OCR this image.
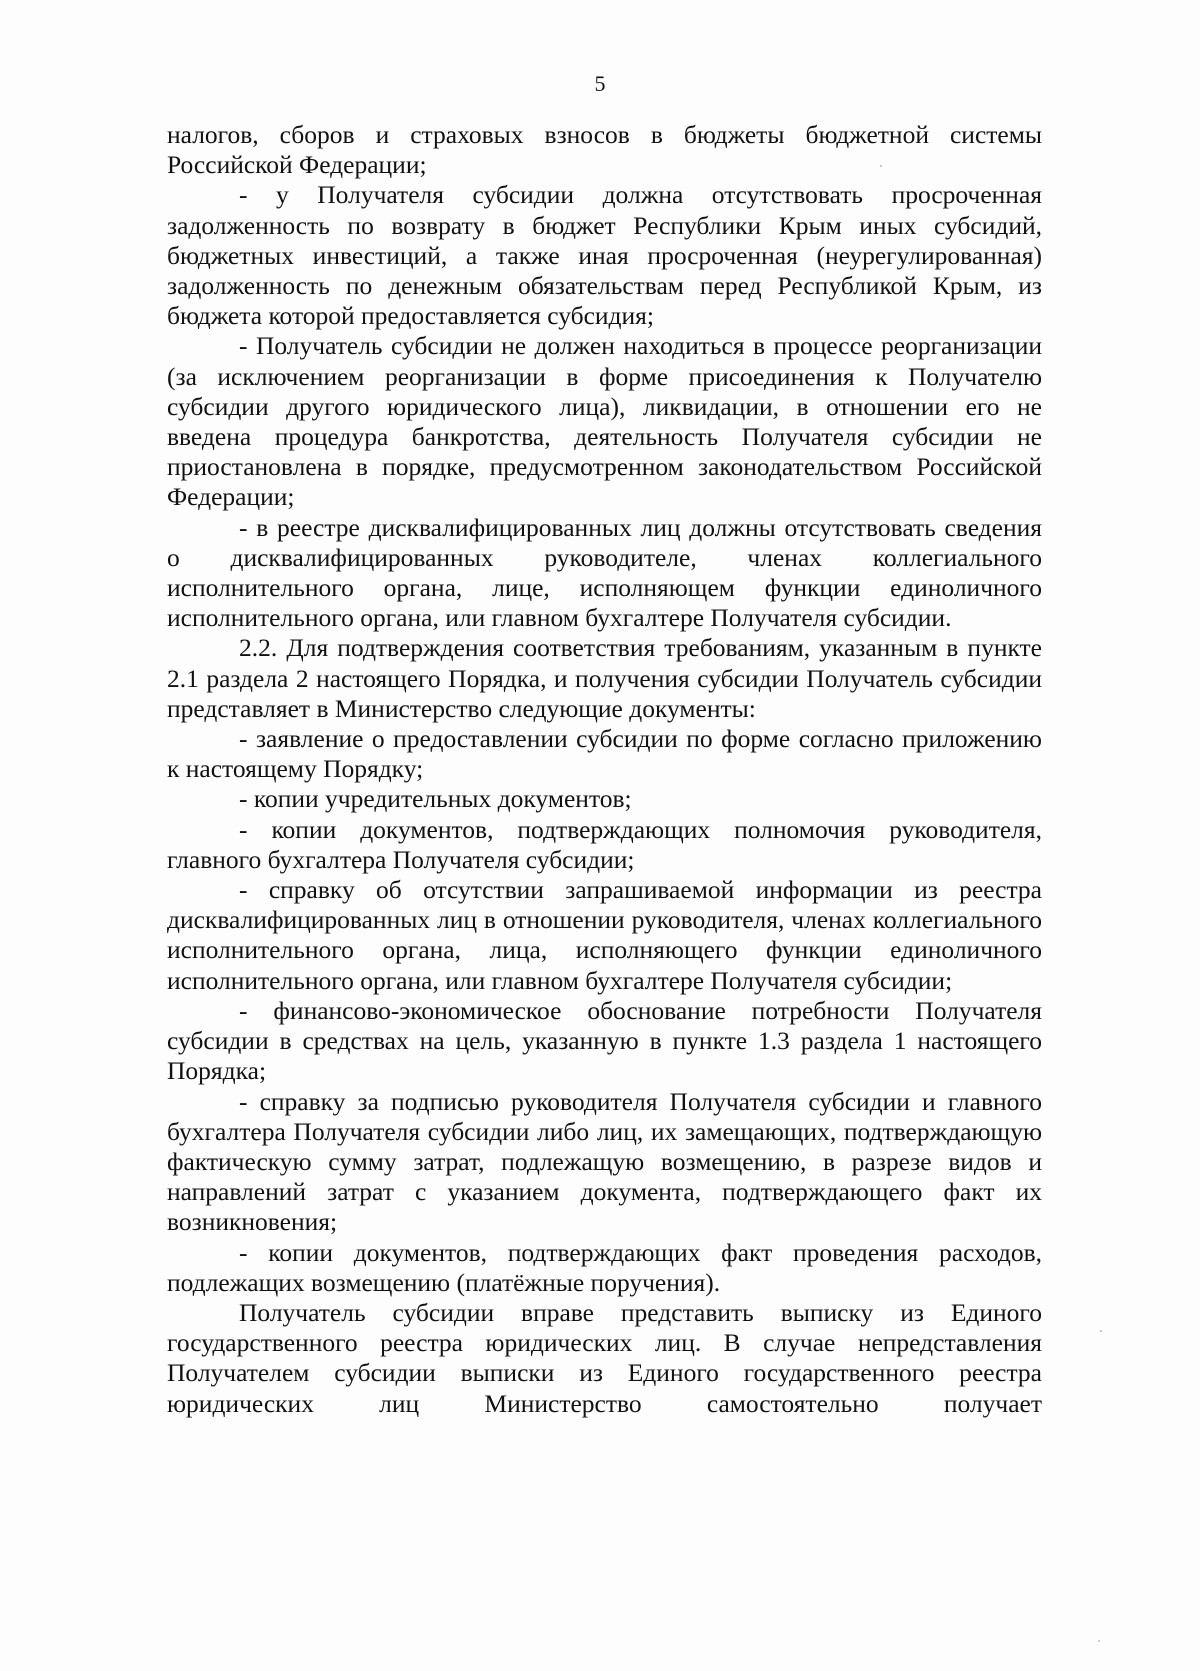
5

налогов, сборов и страховых взносов в бюджеты бюджетной системы Российской Федерации;

- у Получателя субсидии должна отсутствовать просроченная задолженность по возврату в бюджет Республики Крым иных субсидий, бюджетных инвестиций, а также иная просроченная (неурегулированная) задолженность по денежным обязательствам перед Республикой Крым, из бюджета которой предоставляется субсидия;

- Получатель субсидии не должен находиться в процессе реорганизации (за исключением реорганизации в форме присоединения к Получателю субсидии другого юридического лица), ликвидации, в отношении его не введена процедура банкротства, деятельность Получателя субсидии не приостановлена в порядке, предусмотренном законодательством Российской Федерации;

- в реестре дисквалифицированных лиц должны отсутствовать сведения о дисквалифицированных руководителе, членах коллегиального исполнительного органа, лице, исполняющем функции единоличного исполнительного органа, или главном бухгалтере Получателя субсидии.

2.2. Для подтверждения соответствия требованиям, указанным в пункте 2.1 раздела 2 настоящего Порядка, и получения субсидии Получатель субсидии представляет в Министерство следующие документы:

- заявление о предоставлении субсидии по форме согласно приложению к настоящему Порядку;

- копии учредительных документов;

- копии документов, подтверждающих полномочия руководителя, главного бухгалтера Получателя субсидии;

- справку об отсутствии запрашиваемой информации из реестра дисквалифицированных лиц в отношении руководителя, членах коллегиального исполнительного органа, лица, исполняющего функции единоличного исполнительного органа, или главном бухгалтере Получателя субсидии;

- финансово-экономическое обоснование потребности Получателя субсидии в средствах на цель, указанную в пункте 1.3 раздела 1 настоящего Порядка;

- справку за подписью руководителя Получателя субсидии и главного бухгалтера Получателя субсидии либо лиц, их замещающих, подтверждающую фактическую сумму затрат, подлежащую возмещению, в разрезе видов и направлений затрат с указанием документа, подтверждающего факт их возникновения;

- копии документов, подтверждающих факт проведения расходов, подлежащих возмещению (платёжные поручения).

Получатель субсидии вправе представить выписку из Единого государственного реестра юридических лиц. В случае непредставления Получателем субсидии выписки из Единого государственного реестра юридических лиц Министерство самостоятельно получает
